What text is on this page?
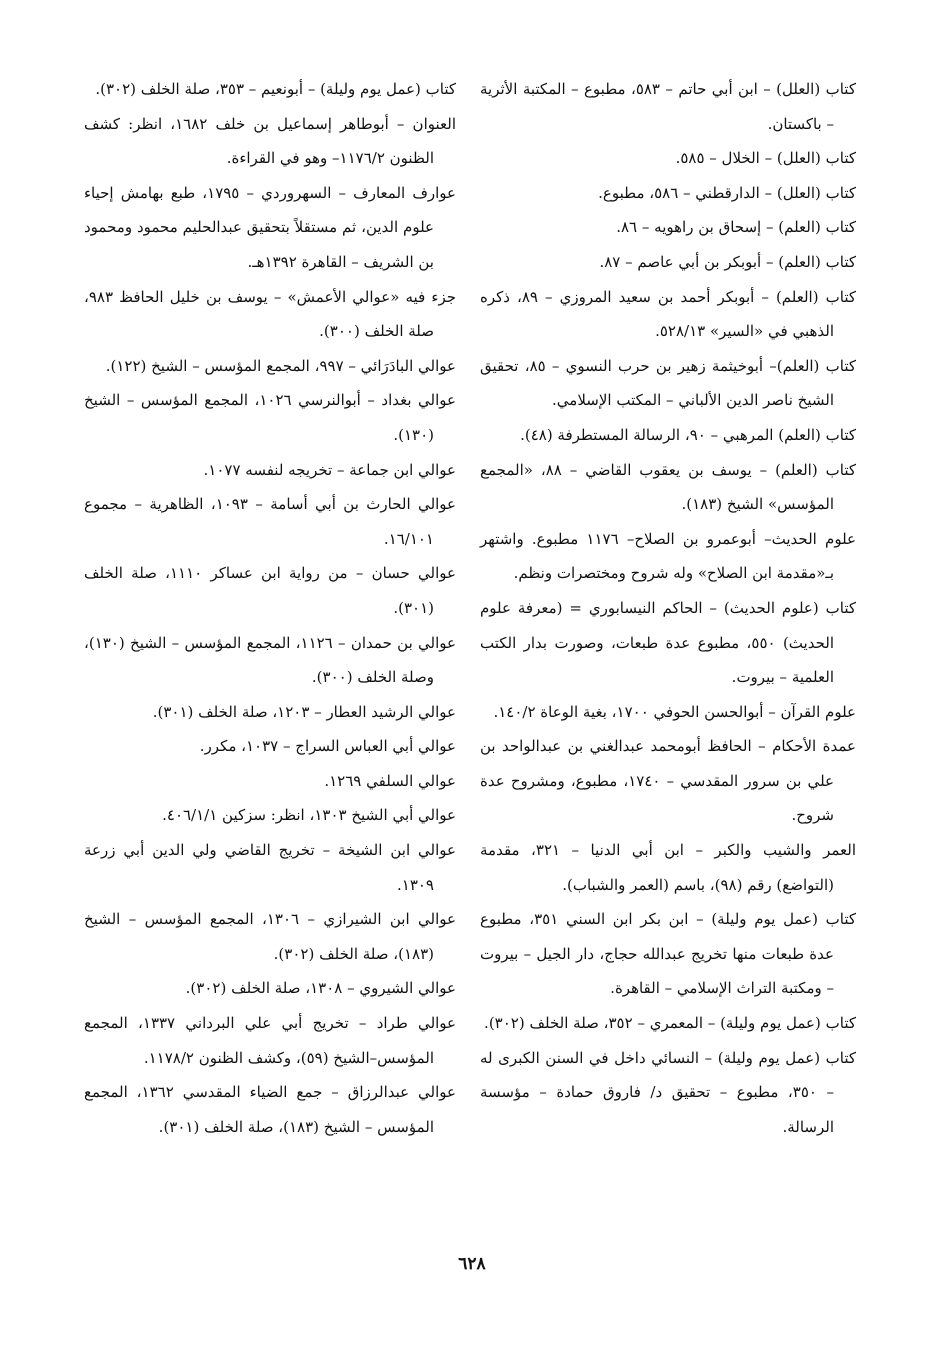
كتاب (العلل) – ابن أبي حاتم – ٥٨٣، مطبوع – المكتبة الأثرية – باكستان.

كتاب (العلل) – الخلال – ٥٨٥.

كتاب (العلل) – الدارقطني – ٥٨٦، مطبوع.

كتاب (العلم) – إسحاق بن راهويه – ٨٦.

كتاب (العلم) – أبوبكر بن أبي عاصم – ٨٧.

كتاب (العلم) – أبوبكر أحمد بن سعيد المروزي – ٨٩، ذكره الذهبي في «السير» ٥٢٨/١٣.

كتاب (العلم)– أبوخيثمة زهير بن حرب النسوي – ٨٥، تحقيق الشيخ ناصر الدين الألباني – المكتب الإسلامي.

كتاب (العلم) المرهبي – ٩٠، الرسالة المستطرفة (٤٨).

كتاب (العلم) – يوسف بن يعقوب القاضي – ٨٨، «المجمع المؤسس» الشيخ (١٨٣).

علوم الحديث– أبوعمرو بن الصلاح– ١١٧٦ مطبوع. واشتهر بـ«مقدمة ابن الصلاح» وله شروح ومختصرات ونظم.

كتاب (علوم الحديث) – الحاكم النيسابوري = (معرفة علوم الحديث) ٥٥٠، مطبوع عدة طبعات، وصورت بدار الكتب العلمية – بيروت.

علوم القرآن – أبوالحسن الحوفي ١٧٠٠، بغية الوعاة ١٤٠/٢.

عمدة الأحكام – الحافظ أبومحمد عبدالغني بن عبدالواحد بن علي بن سرور المقدسي – ١٧٤٠، مطبوع، ومشروح عدة شروح.

العمر والشيب والكبر – ابن أبي الدنيا – ٣٢١، مقدمة (التواضع) رقم (٩٨)، باسم (العمر والشباب).

كتاب (عمل يوم وليلة) – ابن بكر ابن السني ٣٥١، مطبوع عدة طبعات منها تخريج عبدالله حجاج، دار الجيل – بيروت – ومكتبة التراث الإسلامي – القاهرة.

كتاب (عمل يوم وليلة) – المعمري – ٣٥٢، صلة الخلف (٣٠٢).

كتاب (عمل يوم وليلة) – النسائي داخل في السنن الكبرى له – ٣٥٠، مطبوع – تحقيق د/ فاروق حمادة – مؤسسة الرسالة.

كتاب (عمل يوم وليلة) – أبونعيم – ٣٥٣، صلة الخلف (٣٠٢).

العنوان – أبوطاهر إسماعيل بن خلف ١٦٨٢، انظر: كشف الظنون ١١٧٦/٢– وهو في القراءة.

عوارف المعارف – السهروردي – ١٧٩٥، طبع بهامش إحياء علوم الدين، ثم مستقلاً بتحقيق عبدالحليم محمود ومحمود بن الشريف – القاهرة ١٣٩٢هـ.

جزء فيه «عوالي الأعمش» – يوسف بن خليل الحافظ ٩٨٣، صلة الخلف (٣٠٠).

عوالي البادَرَائي – ٩٩٧، المجمع المؤسس – الشيخ (١٢٢).

عوالي بغداد – أبوالنرسي ١٠٢٦، المجمع المؤسس – الشيخ (١٣٠).

عوالي ابن جماعة – تخريجه لنفسه ١٠٧٧.

عوالي الحارث بن أبي أسامة – ١٠٩٣، الظاهرية – مجموع ١٦/١٠١.

عوالي حسان – من رواية ابن عساكر ١١١٠، صلة الخلف (٣٠١).

عوالي بن حمدان – ١١٢٦، المجمع المؤسس – الشيخ (١٣٠)، وصلة الخلف (٣٠٠).

عوالي الرشيد العطار – ١٢٠٣، صلة الخلف (٣٠١).

عوالي أبي العباس السراج – ١٠٣٧، مكرر.

عوالي السلفي ١٢٦٩.

عوالي أبي الشيخ ١٣٠٣، انظر: سزكين ٤٠٦/١/١.

عوالي ابن الشيخة – تخريج القاضي ولي الدين أبي زرعة ١٣٠٩.

عوالي ابن الشيرازي – ١٣٠٦، المجمع المؤسس – الشيخ (١٨٣)، صلة الخلف (٣٠٢).

عوالي الشيروي – ١٣٠٨، صلة الخلف (٣٠٢).

عوالي طراد – تخريج أبي علي البرداني ١٣٣٧، المجمع المؤسس–الشيخ (٥٩)، وكشف الظنون ١١٧٨/٢.

عوالي عبدالرزاق – جمع الضياء المقدسي ١٣٦٢، المجمع المؤسس – الشيخ (١٨٣)، صلة الخلف (٣٠١).

٦٢٨
